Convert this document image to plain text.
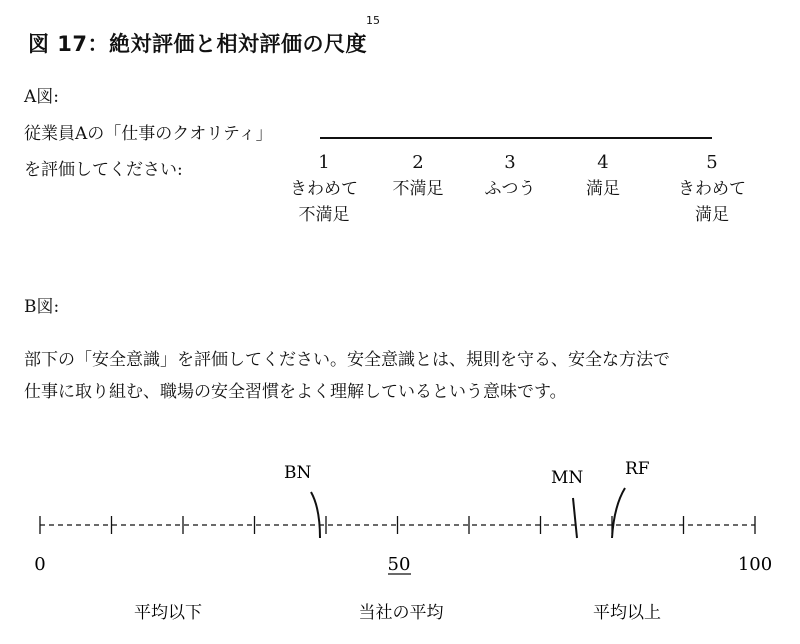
図 17：絶対評価と相対評価の尺度
15
A図:
従業員Aの「仕事のクオリティ」
を評価してください:	1
きわめて
不満足
2
不満足
3
ふつう
4
満足
5
きわめて
満足
B図:
部下の「安全意識」を評価してください。安全意識とは、規則を守る、安全な方法で
仕事に取り組む、職場の安全習慣をよく理解しているという意味です。
BN	MN RF
0	50	100
平均以下	当社の平均	平均以上
